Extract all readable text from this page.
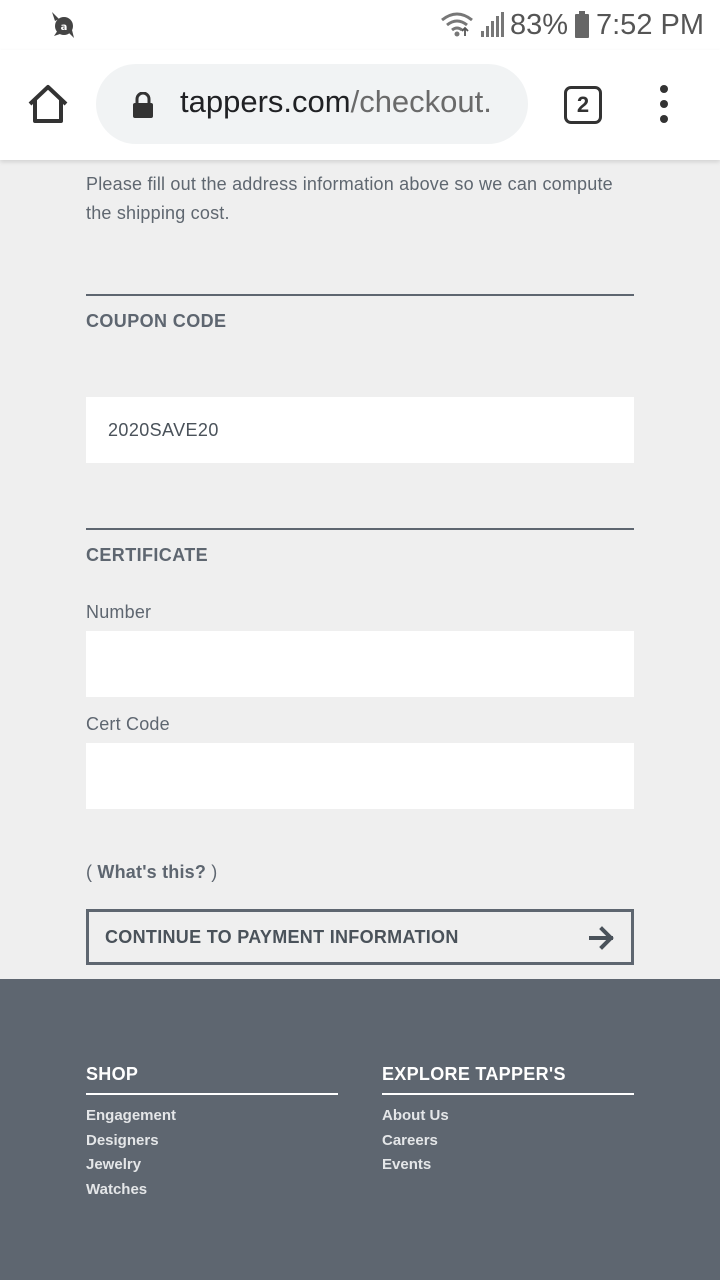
a	83% 7:52 PM
tappers.com/checkout.	2

Please fill out the address information above so we can compute the shipping cost.

COUPON CODE
2020SAVE20
CERTIFICATE
Number
Cert Code
( What's this? )
CONTINUE TO PAYMENT INFORMATION
SHOP
Engagement
Designers
Jewelry
Watches
EXPLORE TAPPER'S
About Us
Careers
Events
